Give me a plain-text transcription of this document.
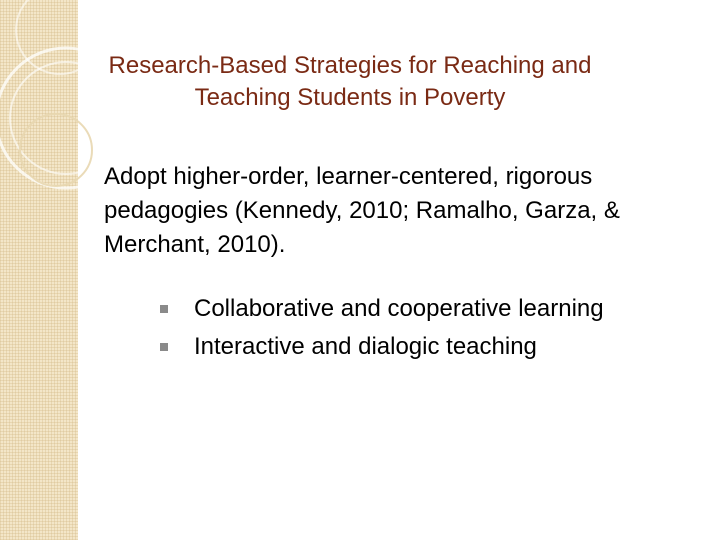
Research-Based Strategies for Reaching and
Teaching Students in Poverty

Adopt higher-order, learner-centered, rigorous pedagogies (Kennedy, 2010; Ramalho, Garza, & Merchant, 2010).

Collaborative and cooperative learning
Interactive and dialogic teaching
